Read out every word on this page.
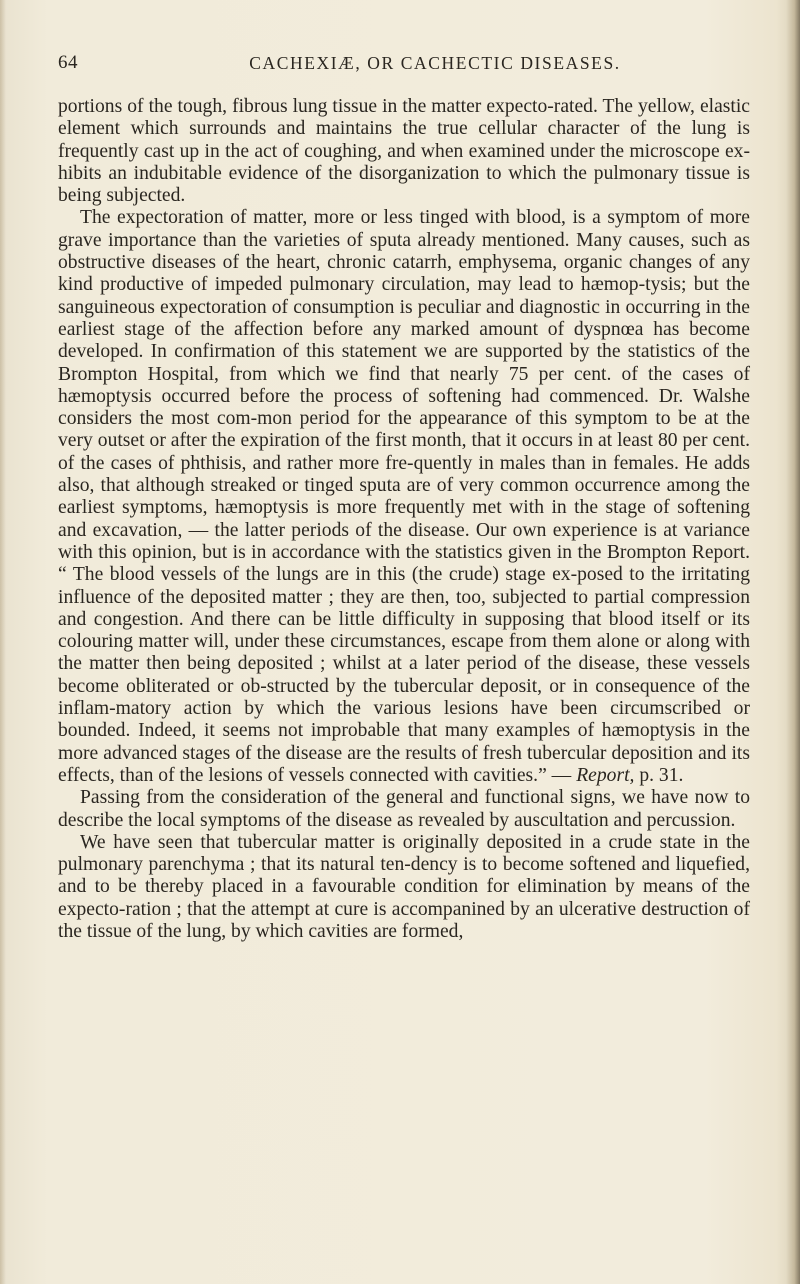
64	CACHEXIÆ, OR CACHECTIC DISEASES.

portions of the tough, fibrous lung tissue in the matter expecto-rated. The yellow, elastic element which surrounds and maintains the true cellular character of the lung is frequently cast up in the act of coughing, and when examined under the microscope ex-hibits an indubitable evidence of the disorganization to which the pulmonary tissue is being subjected.

The expectoration of matter, more or less tinged with blood, is a symptom of more grave importance than the varieties of sputa already mentioned. Many causes, such as obstructive diseases of the heart, chronic catarrh, emphysema, organic changes of any kind productive of impeded pulmonary circulation, may lead to hæmop-tysis; but the sanguineous expectoration of consumption is peculiar and diagnostic in occurring in the earliest stage of the affection before any marked amount of dyspnœa has become developed. In confirmation of this statement we are supported by the statistics of the Brompton Hospital, from which we find that nearly 75 per cent. of the cases of hæmoptysis occurred before the process of softening had commenced. Dr. Walshe considers the most com-mon period for the appearance of this symptom to be at the very outset or after the expiration of the first month, that it occurs in at least 80 per cent. of the cases of phthisis, and rather more fre-quently in males than in females. He adds also, that although streaked or tinged sputa are of very common occurrence among the earliest symptoms, hæmoptysis is more frequently met with in the stage of softening and excavation, — the latter periods of the disease. Our own experience is at variance with this opinion, but is in accordance with the statistics given in the Brompton Report. “ The blood vessels of the lungs are in this (the crude) stage ex-posed to the irritating influence of the deposited matter ; they are then, too, subjected to partial compression and congestion. And there can be little difficulty in supposing that blood itself or its colouring matter will, under these circumstances, escape from them alone or along with the matter then being deposited ; whilst at a later period of the disease, these vessels become obliterated or ob-structed by the tubercular deposit, or in consequence of the inflam-matory action by which the various lesions have been circumscribed or bounded. Indeed, it seems not improbable that many examples of hæmoptysis in the more advanced stages of the disease are the results of fresh tubercular deposition and its effects, than of the lesions of vessels connected with cavities.” — Report, p. 31.

Passing from the consideration of the general and functional signs, we have now to describe the local symptoms of the disease as revealed by auscultation and percussion.

We have seen that tubercular matter is originally deposited in a crude state in the pulmonary parenchyma ; that its natural ten-dency is to become softened and liquefied, and to be thereby placed in a favourable condition for elimination by means of the expecto-ration ; that the attempt at cure is accompanined by an ulcerative destruction of the tissue of the lung, by which cavities are formed,
